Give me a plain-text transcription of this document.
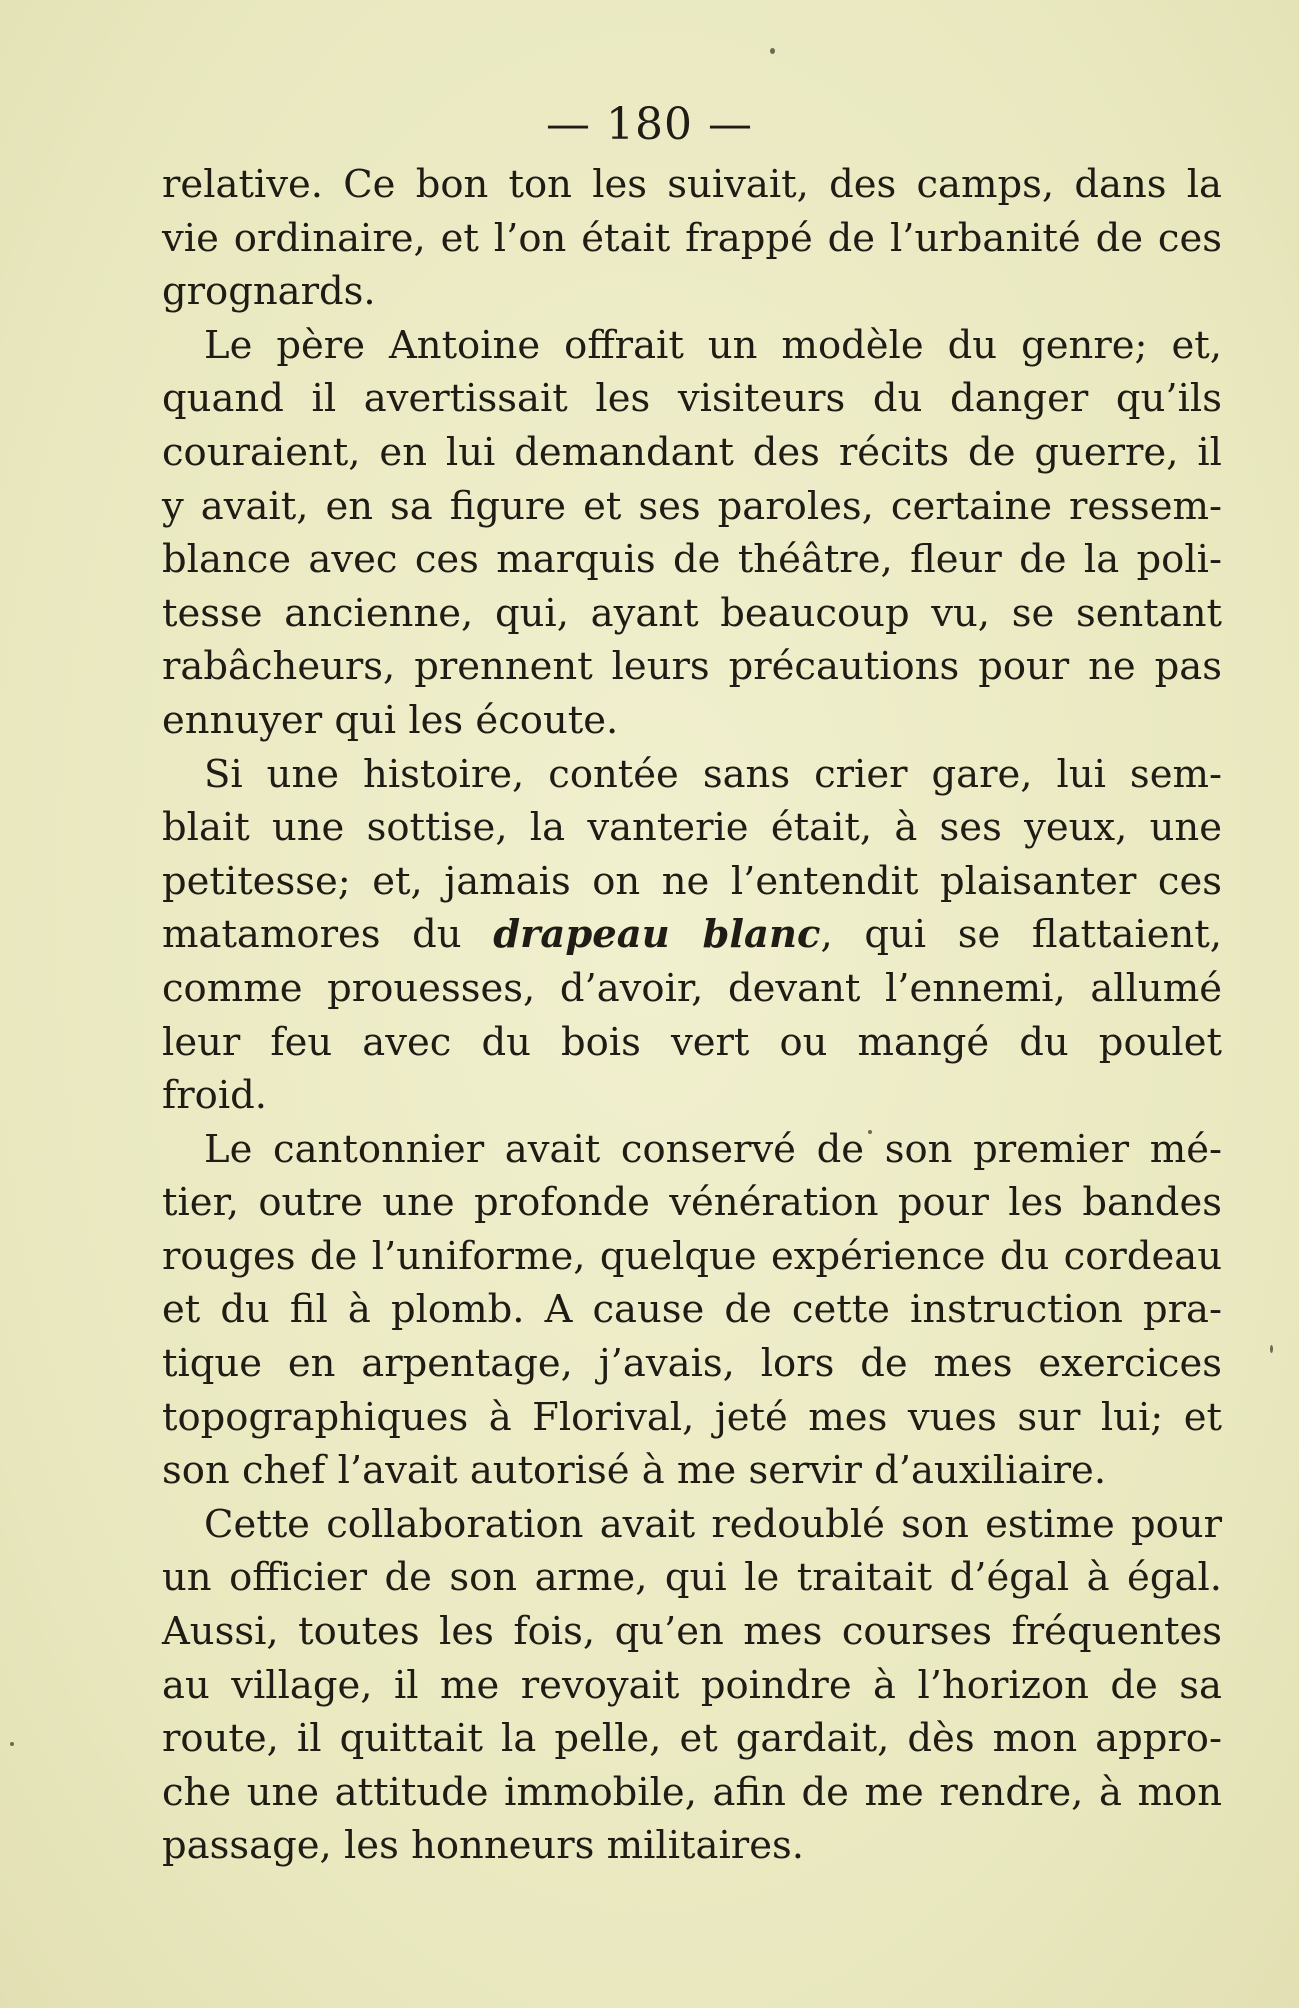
— 180 —
relative. Ce bon ton les suivait, des camps, dans la
vie ordinaire, et l’on était frappé de l’urbanité de ces
grognards.
Le père Antoine offrait un modèle du genre; et,
quand il avertissait les visiteurs du danger qu’ils
couraient, en lui demandant des récits de guerre, il
y avait, en sa figure et ses paroles, certaine ressem-
blance avec ces marquis de théâtre, fleur de la poli-
tesse ancienne, qui, ayant beaucoup vu, se sentant
rabâcheurs, prennent leurs précautions pour ne pas
ennuyer qui les écoute.
Si une histoire, contée sans crier gare, lui sem-
blait une sottise, la vanterie était, à ses yeux, une
petitesse; et, jamais on ne l’entendit plaisanter ces
matamores du drapeau blanc, qui se flattaient,
comme prouesses, d’avoir, devant l’ennemi, allumé
leur feu avec du bois vert ou mangé du poulet
froid.
Le cantonnier avait conservé de son premier mé-
tier, outre une profonde vénération pour les bandes
rouges de l’uniforme, quelque expérience du cordeau
et du fil à plomb. A cause de cette instruction pra-
tique en arpentage, j’avais, lors de mes exercices
topographiques à Florival, jeté mes vues sur lui; et
son chef l’avait autorisé à me servir d’auxiliaire.
Cette collaboration avait redoublé son estime pour
un officier de son arme, qui le traitait d’égal à égal.
Aussi, toutes les fois, qu’en mes courses fréquentes
au village, il me revoyait poindre à l’horizon de sa
route, il quittait la pelle, et gardait, dès mon appro-
che une attitude immobile, afin de me rendre, à mon
passage, les honneurs militaires.
